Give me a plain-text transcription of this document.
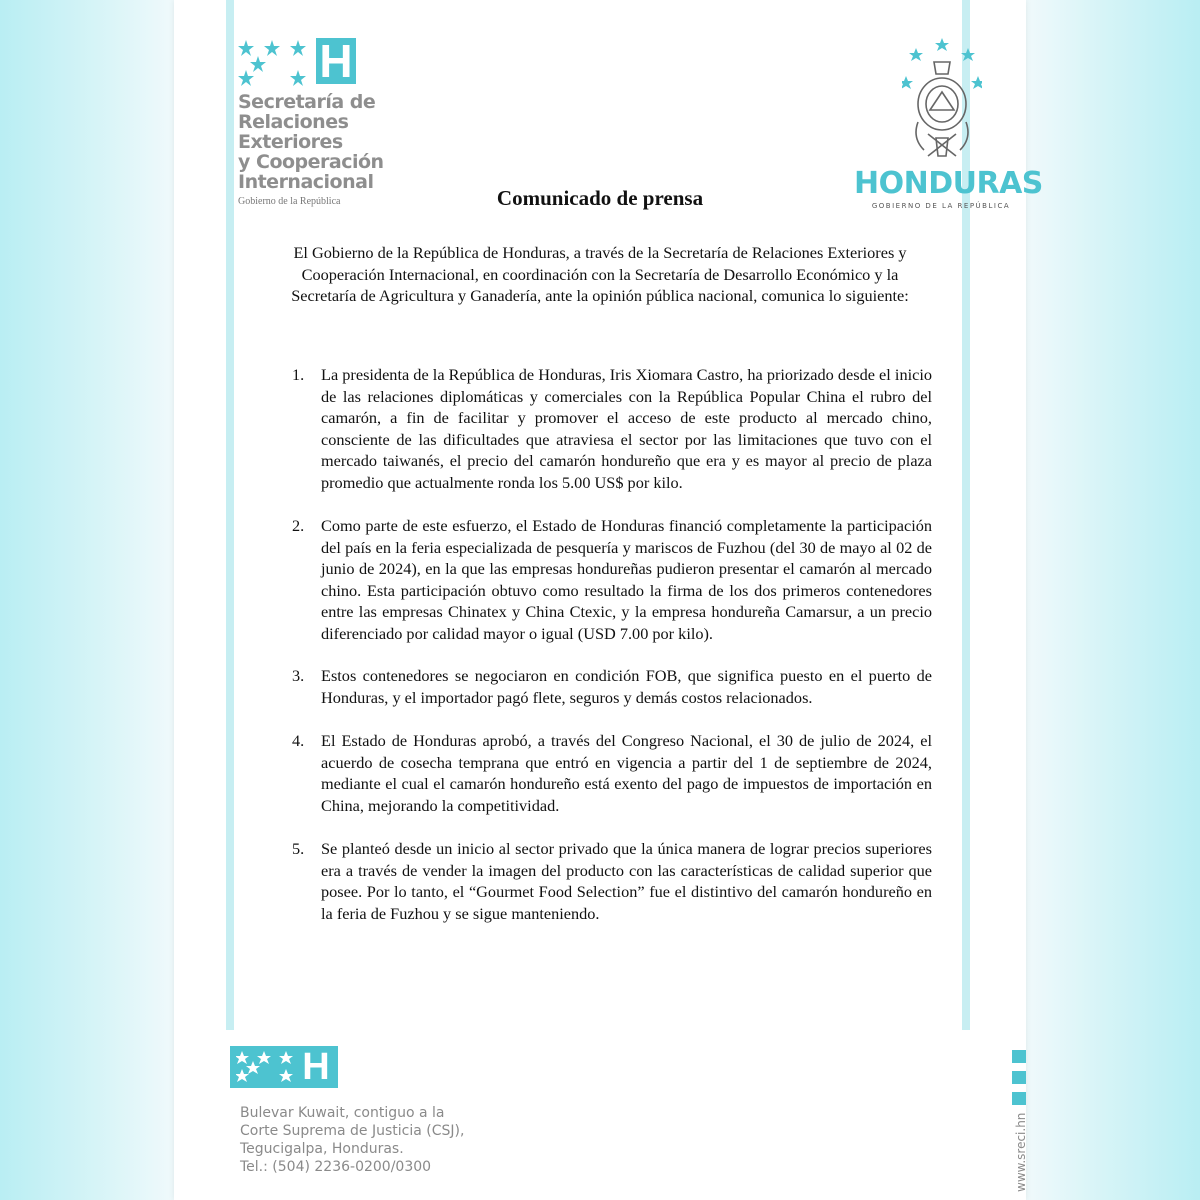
H
Secretaría de
Relaciones
Exteriores
y Cooperación
Internacional
Gobierno de la República
HONDURAS
GOBIERNO DE LA REPÚBLICA
Comunicado de prensa
El Gobierno de la República de Honduras, a través de la Secretaría de Relaciones Exteriores y Cooperación Internacional, en coordinación con la Secretaría de Desarrollo Económico y la Secretaría de Agricultura y Ganadería, ante la opinión pública nacional, comunica lo siguiente:
1. La presidenta de la República de Honduras, Iris Xiomara Castro, ha priorizado desde el inicio de las relaciones diplomáticas y comerciales con la República Popular China el rubro del camarón, a fin de facilitar y promover el acceso de este producto al mercado chino, consciente de las dificultades que atraviesa el sector por las limitaciones que tuvo con el mercado taiwanés, el precio del camarón hondureño que era y es mayor al precio de plaza promedio que actualmente ronda los 5.00 US$ por kilo.
2. Como parte de este esfuerzo, el Estado de Honduras financió completamente la participación del país en la feria especializada de pesquería y mariscos de Fuzhou (del 30 de mayo al 02 de junio de 2024), en la que las empresas hondureñas pudieron presentar el camarón al mercado chino. Esta participación obtuvo como resultado la firma de los dos primeros contenedores entre las empresas Chinatex y China Ctexic, y la empresa hondureña Camarsur, a un precio diferenciado por calidad mayor o igual (USD 7.00 por kilo).
3. Estos contenedores se negociaron en condición FOB, que significa puesto en el puerto de Honduras, y el importador pagó flete, seguros y demás costos relacionados.
4. El Estado de Honduras aprobó, a través del Congreso Nacional, el 30 de julio de 2024, el acuerdo de cosecha temprana que entró en vigencia a partir del 1 de septiembre de 2024, mediante el cual el camarón hondureño está exento del pago de impuestos de importación en China, mejorando la competitividad.
5. Se planteó desde un inicio al sector privado que la única manera de lograr precios superiores era a través de vender la imagen del producto con las características de calidad superior que posee. Por lo tanto, el “Gourmet Food Selection” fue el distintivo del camarón hondureño en la feria de Fuzhou y se sigue manteniendo.
H
Bulevar Kuwait, contiguo a la
Corte Suprema de Justicia (CSJ),
Tegucigalpa, Honduras.
Tel.: (504) 2236-0200/0300	www.sreci.hn
